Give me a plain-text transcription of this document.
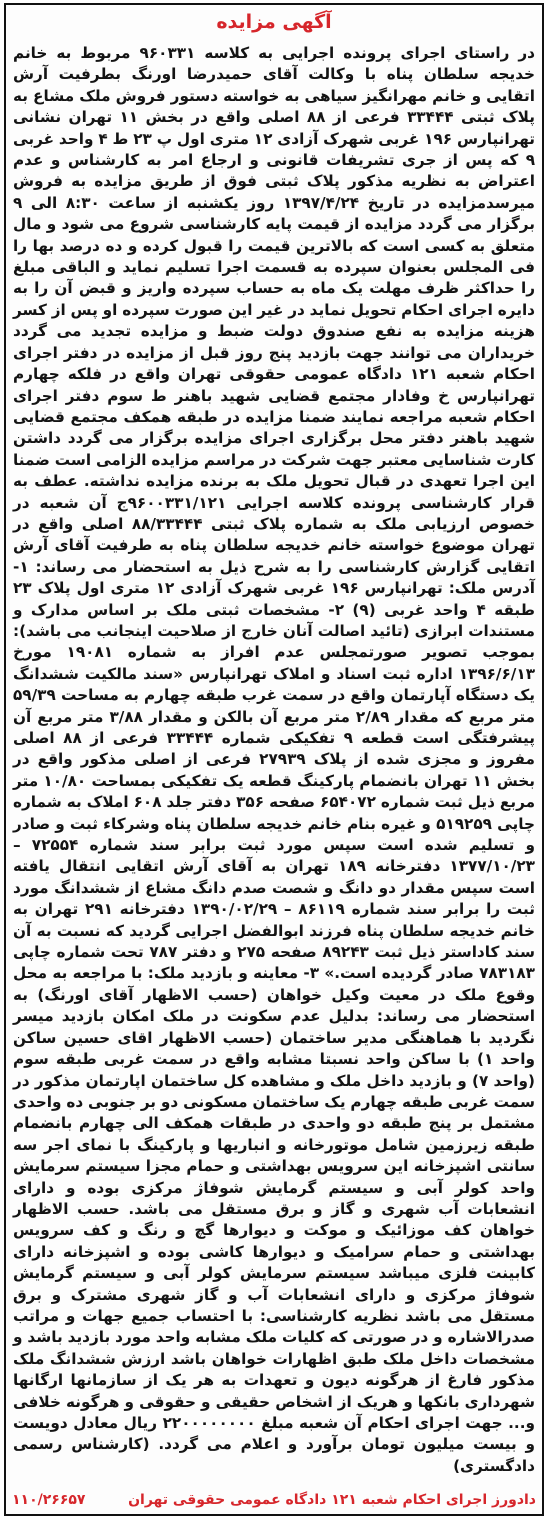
آگهی مزایده

در راستای اجرای پرونده اجرایی به کلاسه ۹۶۰۳۳۱ مربوط به خانم خدیجه سلطان پناه با وکالت آقای حمیدرضا اورنگ بطرفیت آرش اتقایی و خانم مهرانگیز سیاهی به خواسته دستور فروش ملک مشاع به پلاک ثبتی ۳۳۴۴۴ فرعی از ۸۸ اصلی واقع در بخش ۱۱ تهران نشانی تهرانپارس ۱۹۶ غربی شهرک آزادی ۱۲ متری اول پ ۲۳ ط ۴ واحد غربی ۹ که پس از جری تشریفات قانونی و ارجاع امر به کارشناس و عدم اعتراض به نظریه مذکور پلاک ثبتی فوق از طریق مزایده به فروش میرسدمزایده در تاریخ ۱۳۹۷/۴/۲۴ روز یکشنبه از ساعت ۸:۳۰ الی ۹ برگزار می گردد مزایده از قیمت پایه کارشناسی شروع می شود و مال متعلق به کسی است که بالاترین قیمت را قبول کرده و ده درصد بها را فی المجلس بعنوان سپرده به قسمت اجرا تسلیم نماید و الباقی مبلغ را حداکثر ظرف مهلت یک ماه به حساب سپرده واریز و قبض آن را به دایره اجرای احکام تحویل نماید در غیر این صورت سپرده او پس از کسر هزینه مزایده به نفع صندوق دولت ضبط و مزایده تجدید می گردد خریداران می توانند جهت بازدید پنج روز قبل از مزایده در دفتر اجرای احکام شعبه ۱۲۱ دادگاه عمومی حقوقی تهران واقع در فلکه چهارم تهرانپارس خ وفادار مجتمع قضایی شهید باهنر ط سوم دفتر اجرای احکام شعبه مراجعه نمایند ضمنا مزایده در طبقه همکف مجتمع قضایی شهید باهنر دفتر محل برگزاری اجرای مزایده برگزار می گردد داشتن کارت شناسایی معتبر جهت شرکت در مراسم مزایده الزامی است ضمنا این اجرا تعهدی در قبال تحویل ملک به برنده مزایده نداشته. عطف به قرار کارشناسی پرونده کلاسه اجرایی ۹۶۰۰۳۳۱/۱۲۱ج آن شعبه در خصوص ارزیابی ملک به شماره پلاک ثبتی ۸۸/۳۳۴۴۴ اصلی واقع در تهران موضوع خواسته خانم خدیجه سلطان پناه به طرفیت آقای آرش اتقایی گزارش کارشناسی را به شرح ذیل به استحضار می رساند: ۱- آدرس ملک: تهرانپارس ۱۹۶ غربی شهرک آزادی ۱۲ متری اول پلاک ۲۳ طبقه ۴ واحد غربی (۹) ۲- مشخصات ثبتی ملک بر اساس مدارک و مستندات ابرازی (تائید اصالت آنان خارج از صلاحیت اینجانب می باشد): بموجب تصویر صورتمجلس عدم افراز به شماره ۱۹۰۸۱ مورخ ۱۳۹۶/۶/۱۳ اداره ثبت اسناد و املاک تهرانپارس «سند مالکیت ششدانگ یک دستگاه آپارتمان واقع در سمت غرب طبقه چهارم به مساحت ۵۹/۳۹ متر مربع که مقدار ۲/۸۹ متر مربع آن بالکن و مقدار ۳/۸۸ متر مربع آن پیشرفتگی است قطعه ۹ تفکیکی شماره ۳۳۴۴۴ فرعی از ۸۸ اصلی مفروز و مجزی شده از پلاک ۲۷۹۳۹ فرعی از اصلی مذکور واقع در بخش ۱۱ تهران بانضمام پارکینگ قطعه یک تفکیکی بمساحت ۱۰/۸۰ متر مربع ذیل ثبت شماره ۶۵۴۰۷۲ صفحه ۳۵۶ دفتر جلد ۶۰۸ املاک به شماره چاپی ۵۱۹۲۵۹ و غیره بنام خانم خدیجه سلطان پناه وشرکاء ثبت و صادر و تسلیم شده است سپس مورد ثبت برابر سند شماره ۷۲۵۵۴ – ۱۳۷۷/۱۰/۲۳ دفترخانه ۱۸۹ تهران به آقای آرش اتقایی انتقال یافته است سپس مقدار دو دانگ و شصت صدم دانگ مشاع از ششدانگ مورد ثبت را برابر سند شماره ۸۶۱۱۹ – ۱۳۹۰/۰۲/۲۹ دفترخانه ۲۹۱ تهران به خانم خدیجه سلطان پناه فرزند ابوالفضل اجرایی گردید که نسبت به آن سند کاداستر ذیل ثبت ۸۹۲۴۳ صفحه ۲۷۵ و دفتر ۷۸۷ تحت شماره چاپی ۷۸۳۱۸۳ صادر گردیده است.» ۳- معاینه و بازدید ملک: با مراجعه به محل وقوع ملک در معیت وکیل خواهان (حسب الاظهار آقای اورنگ) به استحضار می رساند: بدلیل عدم سکونت در ملک امکان بازدید میسر نگردید با هماهنگی مدیر ساختمان (حسب الاظهار اقای حسین ساکن واحد ۱) با ساکن واحد نسبتا مشابه واقع در سمت غربی طبقه سوم (واحد ۷) و بازدید داخل ملک و مشاهده کل ساختمان اپارتمان مذکور در سمت غربی طبقه چهارم یک ساختمان مسکونی دو بر جنوبی ده واحدی مشتمل بر پنج طبقه دو واحدی در طبقات همکف الی چهارم بانضمام طبقه زیرزمین شامل موتورخانه و انباریها و پارکینگ با نمای اجر سه سانتی اشپزخانه این سرویس بهداشتی و حمام مجزا سیستم سرمایش واحد کولر آبی و سیستم گرمایش شوفاژ مرکزی بوده و دارای انشعابات آب شهری و گاز و برق مستقل می باشد. حسب الاظهار خواهان کف موزائیک و موکت و دیوارها گچ و رنگ و کف سرویس بهداشتی و حمام سرامیک و دیوارها کاشی بوده و اشپزخانه دارای کابینت فلزی میباشد سیستم سرمایش کولر آبی و سیستم گرمایش شوفاژ مرکزی و دارای انشعابات آب و گاز شهری مشترک و برق مستقل می باشد نظریه کارشناسی: با احتساب جمیع جهات و مراتب صدرالاشاره و در صورتی که کلیات ملک مشابه واحد مورد بازدید باشد و مشخصات داخل ملک طبق اظهارات خواهان باشد ارزش ششدانگ ملک مذکور فارغ از هرگونه دیون و تعهدات به هر یک از سازمانها ارگانها شهرداری بانکها و هریک از اشخاص حقیقی و حقوقی و هرگونه خلافی و... جهت اجرای احکام آن شعبه مبلغ ۲۲۰۰۰۰۰۰۰۰ ریال معادل دویست و بیست میلیون تومان برآورد و اعلام می گردد. (کارشناس رسمی دادگستری)

۱۱۰/۲۶۶۵۷	دادورز اجرای احکام شعبه ۱۲۱ دادگاه عمومی حقوقی تهران
